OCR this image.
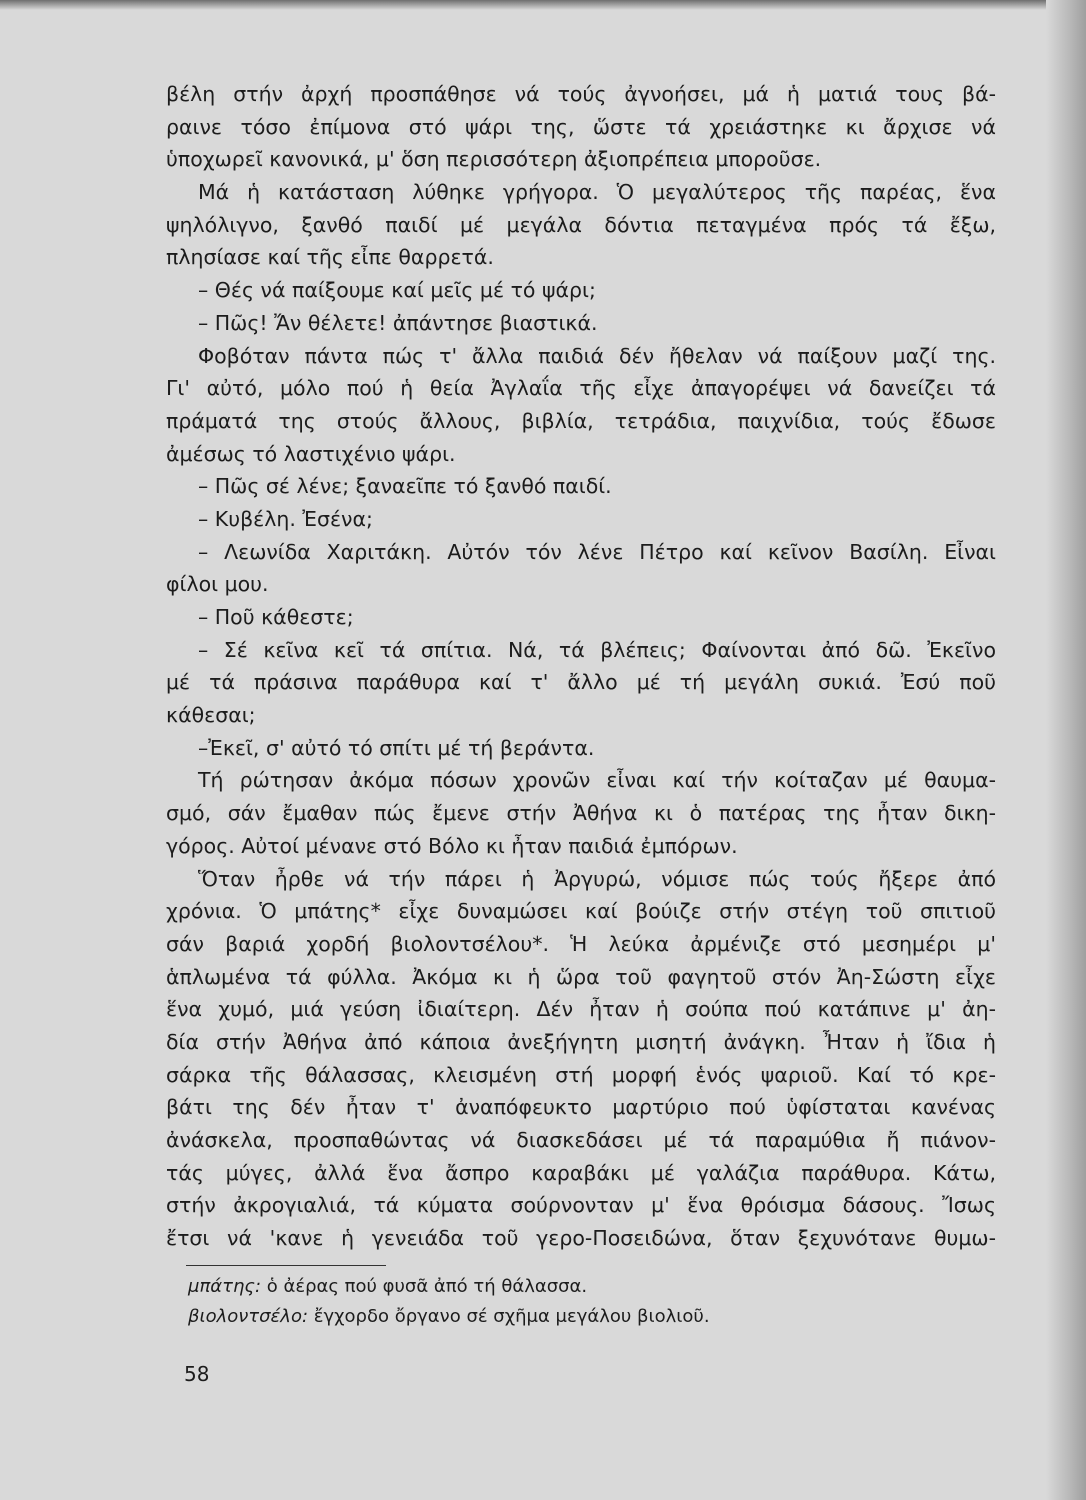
βέλη στήν ἀρχή προσπάθησε νά τούς ἀγνοήσει, μά ἡ ματιά τους βά-
ραινε τόσο ἐπίμονα στό ψάρι της, ὥστε τά χρειάστηκε κι ἄρχισε νά
ὑποχωρεῖ κανονικά, μ' ὅση περισσότερη ἀξιοπρέπεια μποροῦσε.
Μά ἡ κατάσταση λύθηκε γρήγορα. Ὁ μεγαλύτερος τῆς παρέας, ἕνα
ψηλόλιγνο, ξανθό παιδί μέ μεγάλα δόντια πεταγμένα πρός τά ἔξω,
πλησίασε καί τῆς εἶπε θαρρετά.
– Θές νά παίξουμε καί μεῖς μέ τό ψάρι;
– Πῶς! Ἄν θέλετε! ἀπάντησε βιαστικά.
Φοβόταν πάντα πώς τ' ἄλλα παιδιά δέν ἤθελαν νά παίξουν μαζί της.
Γι' αὐτό, μόλο πού ἡ θεία Ἀγλαΐα τῆς εἶχε ἀπαγορέψει νά δανείζει τά
πράματά της στούς ἄλλους, βιβλία, τετράδια, παιχνίδια, τούς ἔδωσε
ἀμέσως τό λαστιχένιο ψάρι.
– Πῶς σέ λένε; ξαναεῖπε τό ξανθό παιδί.
– Κυβέλη. Ἐσένα;
– Λεωνίδα Χαριτάκη. Αὐτόν τόν λένε Πέτρο καί κεῖνον Βασίλη. Εἶναι
φίλοι μου.
– Ποῦ κάθεστε;
– Σέ κεῖνα κεῖ τά σπίτια. Νά, τά βλέπεις; Φαίνονται ἀπό δῶ. Ἐκεῖνο
μέ τά πράσινα παράθυρα καί τ' ἄλλο μέ τή μεγάλη συκιά. Ἐσύ ποῦ
κάθεσαι;
–Ἐκεῖ, σ' αὐτό τό σπίτι μέ τή βεράντα.
Τή ρώτησαν ἀκόμα πόσων χρονῶν εἶναι καί τήν κοίταζαν μέ θαυμα-
σμό, σάν ἔμαθαν πώς ἔμενε στήν Ἀθήνα κι ὁ πατέρας της ἦταν δικη-
γόρος. Αὐτοί μένανε στό Βόλο κι ἦταν παιδιά ἐμπόρων.
Ὅταν ἦρθε νά τήν πάρει ἡ Ἀργυρώ, νόμισε πώς τούς ἤξερε ἀπό
χρόνια. Ὁ μπάτης* εἶχε δυναμώσει καί βούιζε στήν στέγη τοῦ σπιτιοῦ
σάν βαριά χορδή βιολοντσέλου*. Ἡ λεύκα ἀρμένιζε στό μεσημέρι μ'
ἁπλωμένα τά φύλλα. Ἀκόμα κι ἡ ὥρα τοῦ φαγητοῦ στόν Ἀη-Σώστη εἶχε
ἕνα χυμό, μιά γεύση ἰδιαίτερη. Δέν ἦταν ἡ σούπα πού κατάπινε μ' ἀη-
δία στήν Ἀθήνα ἀπό κάποια ἀνεξήγητη μισητή ἀνάγκη. Ἦταν ἡ ἴδια ἡ
σάρκα τῆς θάλασσας, κλεισμένη στή μορφή ἑνός ψαριοῦ. Καί τό κρε-
βάτι της δέν ἦταν τ' ἀναπόφευκτο μαρτύριο πού ὑφίσταται κανένας
ἀνάσκελα, προσπαθώντας νά διασκεδάσει μέ τά παραμύθια ἤ πιάνον-
τάς μύγες, ἀλλά ἕνα ἄσπρο καραβάκι μέ γαλάζια παράθυρα. Κάτω,
στήν ἀκρογιαλιά, τά κύματα σούρνονταν μ' ἕνα θρόισμα δάσους. Ἴσως
ἔτσι νά 'κανε ἡ γενειάδα τοῦ γερο-Ποσειδώνα, ὅταν ξεχυνότανε θυμω-
μπάτης: ὁ ἀέρας πού φυσᾶ ἀπό τή θάλασσα.
βιολοντσέλο: ἔγχορδο ὄργανο σέ σχῆμα μεγάλου βιολιοῦ.
58
